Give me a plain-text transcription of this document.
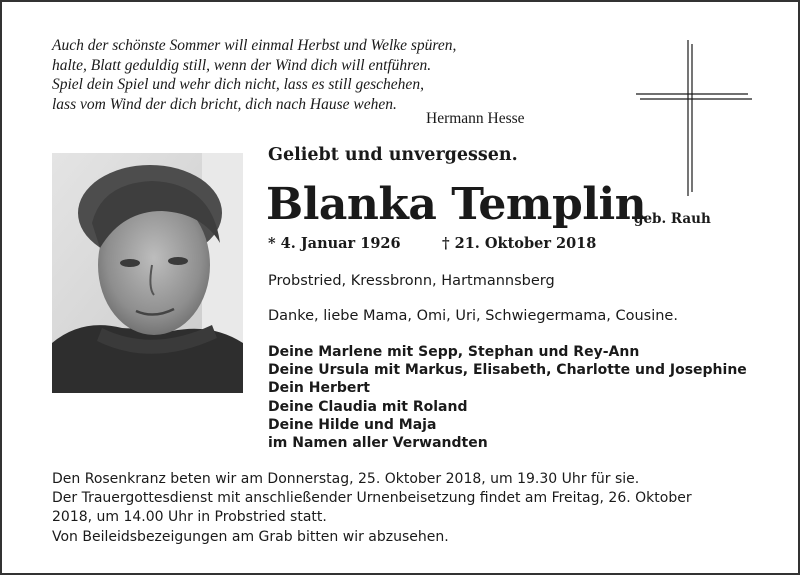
Auch der schönste Sommer will einmal Herbst und Welke spüren,
halte, Blatt geduldig still, wenn der Wind dich will entführen.
Spiel dein Spiel und wehr dich nicht, lass es still geschehen,
lass vom Wind der dich bricht, dich nach Hause wehen.
Hermann Hesse
Geliebt und unvergessen.
Blanka Templin
geb. Rauh
* 4. Januar 1926	† 21. Oktober 2018
Probstried, Kressbronn, Hartmannsberg
Danke, liebe Mama, Omi, Uri, Schwiegermama, Cousine.
Deine Marlene mit Sepp, Stephan und Rey-Ann
Deine Ursula mit Markus, Elisabeth, Charlotte und Josephine
Dein Herbert
Deine Claudia mit Roland
Deine Hilde und Maja
im Namen aller Verwandten
Den Rosenkranz beten wir am Donnerstag, 25. Oktober 2018, um 19.30 Uhr für sie.
Der Trauergottesdienst mit anschließender Urnenbeisetzung findet am Freitag, 26. Oktober
2018, um 14.00 Uhr in Probstried statt.
Von Beileidsbezeigungen am Grab bitten wir abzusehen.
